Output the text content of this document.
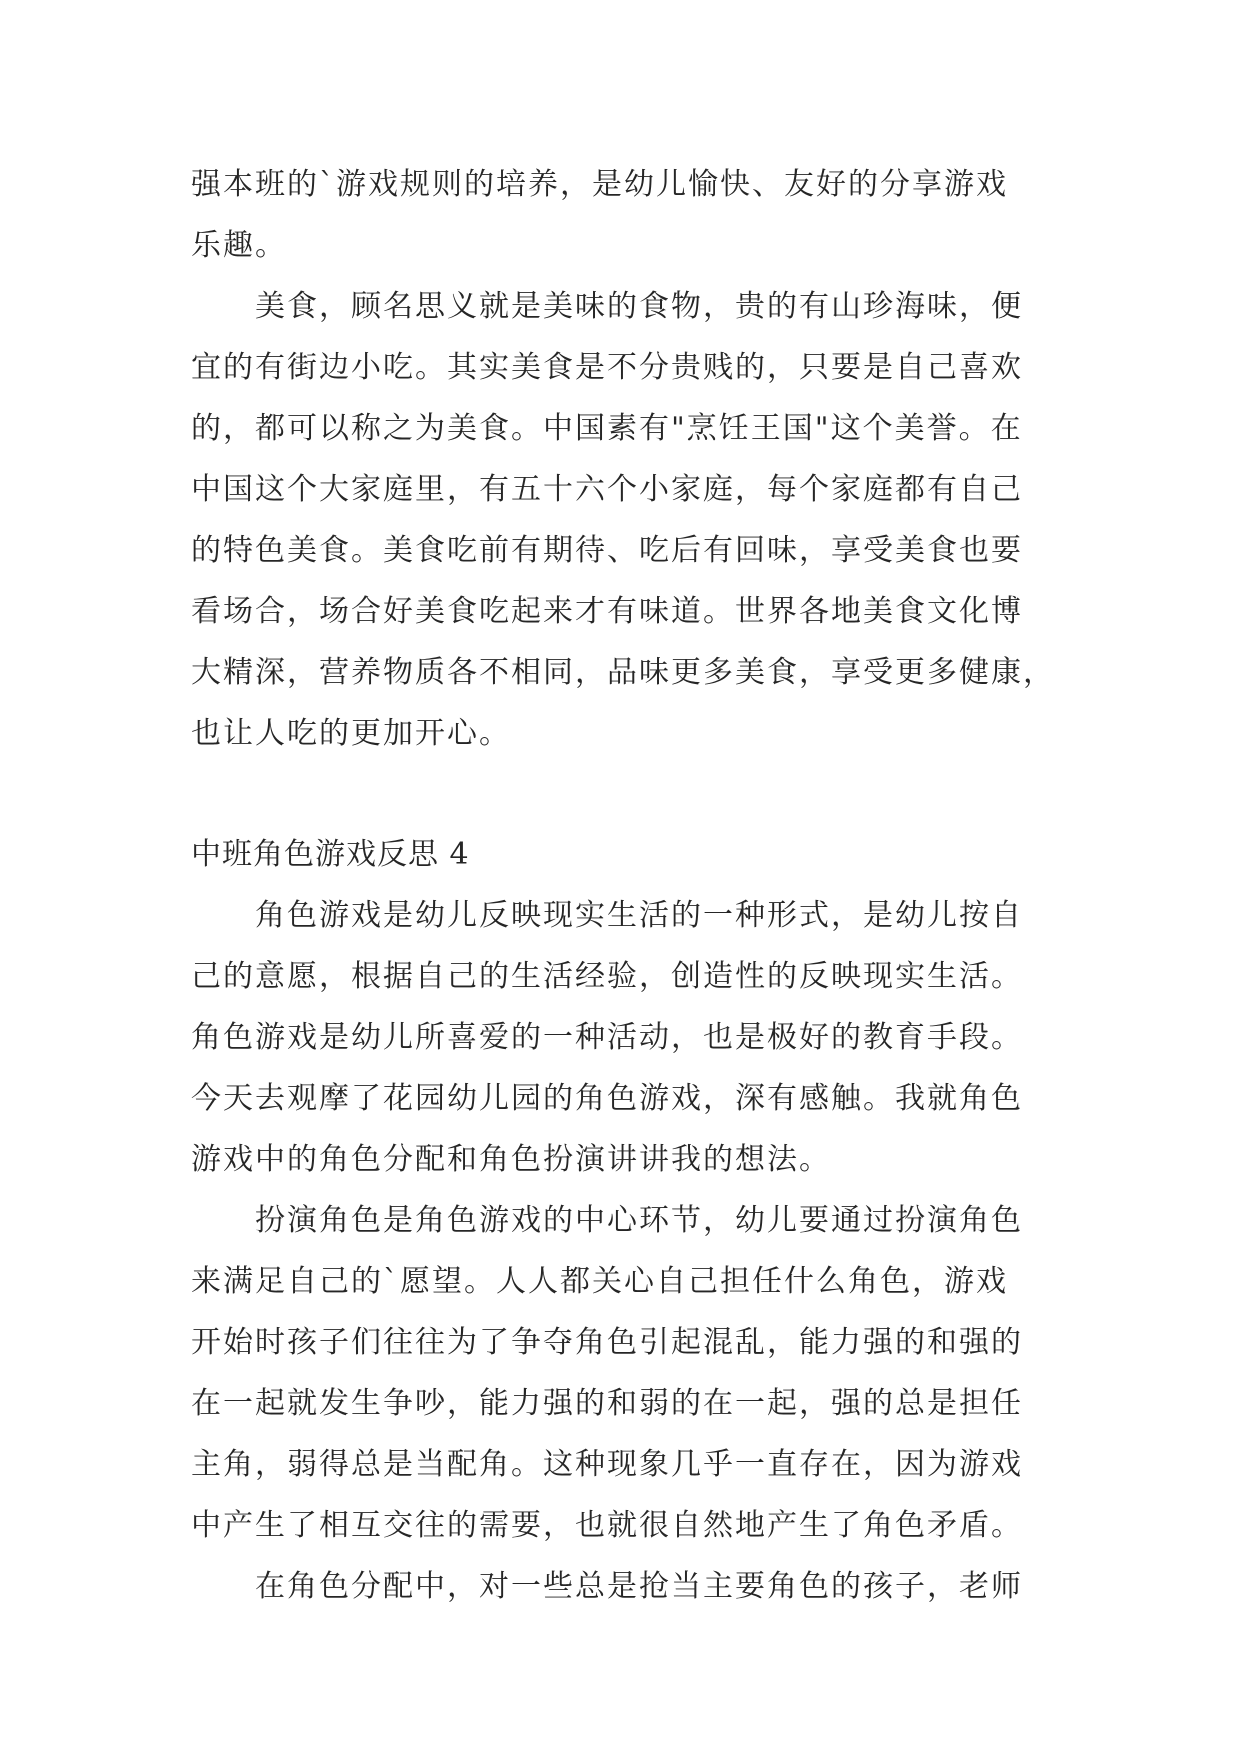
强本班的`游戏规则的培养，是幼儿愉快、友好的分享游戏
乐趣。
美食，顾名思义就是美味的食物，贵的有山珍海味，便
宜的有街边小吃。其实美食是不分贵贱的，只要是自己喜欢
的，都可以称之为美食。中国素有"烹饪王国"这个美誉。在
中国这个大家庭里，有五十六个小家庭，每个家庭都有自己
的特色美食。美食吃前有期待、吃后有回味，享受美食也要
看场合，场合好美食吃起来才有味道。世界各地美食文化博
大精深，营养物质各不相同，品味更多美食，享受更多健康，
也让人吃的更加开心。
中班角色游戏反思 4
角色游戏是幼儿反映现实生活的一种形式，是幼儿按自
己的意愿，根据自己的生活经验，创造性的反映现实生活。
角色游戏是幼儿所喜爱的一种活动，也是极好的教育手段。
今天去观摩了花园幼儿园的角色游戏，深有感触。我就角色
游戏中的角色分配和角色扮演讲讲我的想法。
扮演角色是角色游戏的中心环节，幼儿要通过扮演角色
来满足自己的`愿望。人人都关心自己担任什么角色，游戏
开始时孩子们往往为了争夺角色引起混乱，能力强的和强的
在一起就发生争吵，能力强的和弱的在一起，强的总是担任
主角，弱得总是当配角。这种现象几乎一直存在，因为游戏
中产生了相互交往的需要，也就很自然地产生了角色矛盾。
在角色分配中，对一些总是抢当主要角色的孩子，老师
